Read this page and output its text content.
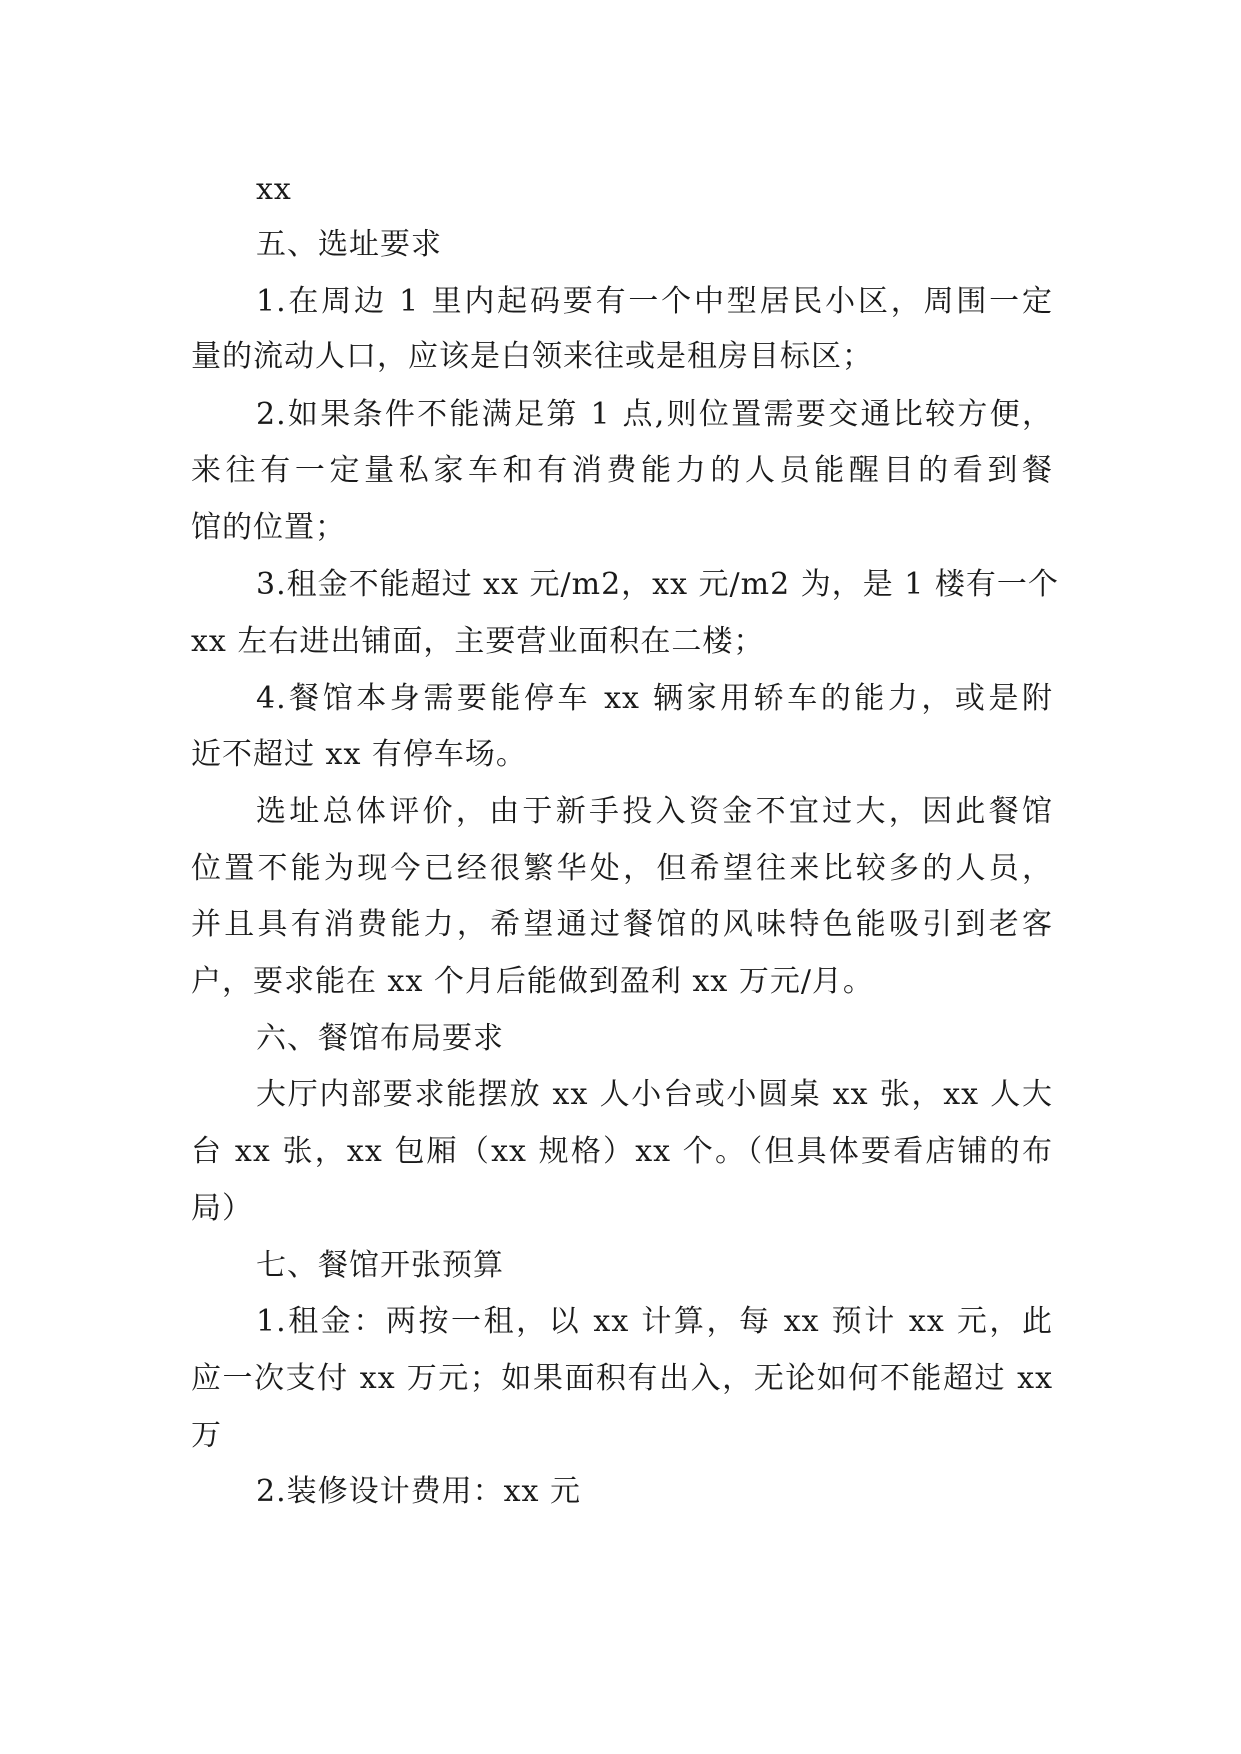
xx
五、选址要求
1.在周边 1 里内起码要有一个中型居民小区，周围一定
量的流动人口，应该是白领来往或是租房目标区；
2.如果条件不能满足第 1 点,则位置需要交通比较方便，
来往有一定量私家车和有消费能力的人员能醒目的看到餐
馆的位置；
3.租金不能超过 xx 元/m2，xx 元/m2 为，是 1 楼有一个
xx 左右进出铺面，主要营业面积在二楼；
4.餐馆本身需要能停车 xx 辆家用轿车的能力，或是附
近不超过 xx 有停车场。
选址总体评价，由于新手投入资金不宜过大，因此餐馆
位置不能为现今已经很繁华处，但希望往来比较多的人员，
并且具有消费能力，希望通过餐馆的风味特色能吸引到老客
户，要求能在 xx 个月后能做到盈利 xx 万元/月。
六、餐馆布局要求
大厅内部要求能摆放 xx 人小台或小圆桌 xx 张，xx 人大
台 xx 张，xx 包厢（xx 规格）xx 个。（但具体要看店铺的布
局）
七、餐馆开张预算
1.租金：两按一租，以 xx 计算，每 xx 预计 xx 元，此
应一次支付 xx 万元；如果面积有出入，无论如何不能超过 xx
万
2.装修设计费用：xx 元
